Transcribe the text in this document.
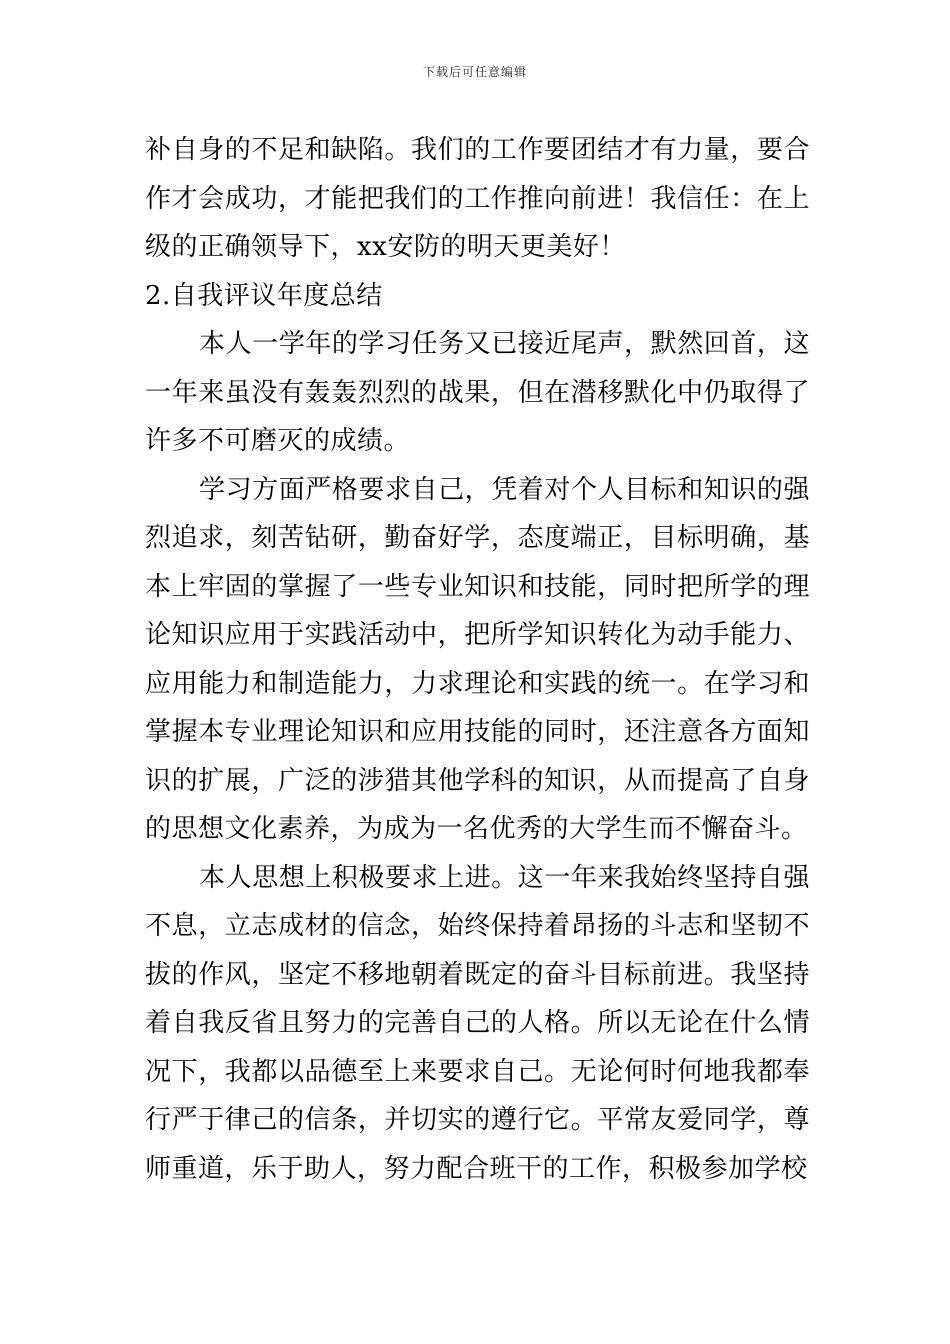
下载后可任意编辑

补自身的不足和缺陷。我们的工作要团结才有力量，要合作才会成功，才能把我们的工作推向前进！我信任：在上级的正确领导下，xx安防的明天更美好！

2.自我评议年度总结

本人一学年的学习任务又已接近尾声，默然回首，这一年来虽没有轰轰烈烈的战果，但在潜移默化中仍取得了许多不可磨灭的成绩。

学习方面严格要求自己，凭着对个人目标和知识的强烈追求，刻苦钻研，勤奋好学，态度端正，目标明确，基本上牢固的掌握了一些专业知识和技能，同时把所学的理论知识应用于实践活动中，把所学知识转化为动手能力、应用能力和制造能力，力求理论和实践的统一。在学习和掌握本专业理论知识和应用技能的同时，还注意各方面知识的扩展，广泛的涉猎其他学科的知识，从而提高了自身的思想文化素养，为成为一名优秀的大学生而不懈奋斗。

本人思想上积极要求上进。这一年来我始终坚持自强不息，立志成材的信念，始终保持着昂扬的斗志和坚韧不拔的作风，坚定不移地朝着既定的奋斗目标前进。我坚持着自我反省且努力的完善自己的人格。所以无论在什么情况下，我都以品德至上来要求自己。无论何时何地我都奉行严于律己的信条，并切实的遵行它。平常友爱同学，尊师重道，乐于助人，努力配合班干的工作，积极参加学校
